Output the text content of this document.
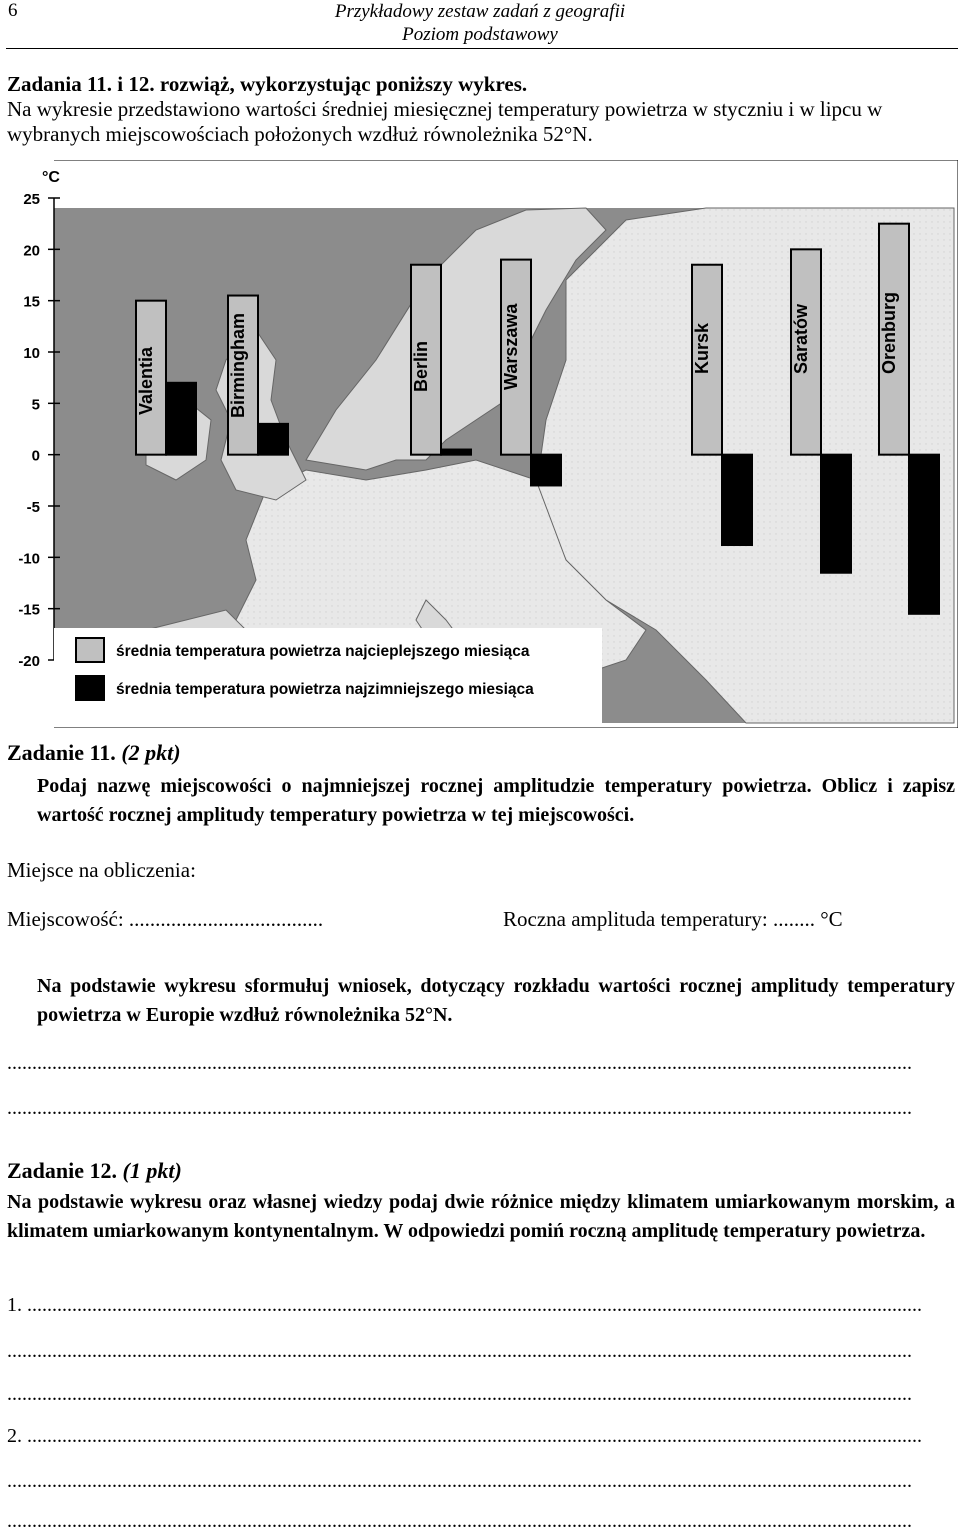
6	Przykładowy zestaw zadań z geografii
Poziom podstawowy
Zadania 11. i 12. rozwiąż, wykorzystując poniższy wykres.
Na wykresie przedstawiono wartości średniej miesięcznej temperatury powietrza w styczniu i w lipcu w wybranych miejscowościach położonych wzdłuż równoleżnika 52°N.
°C
25
20
15
10
5
0
-5
-10
-15
-20
Valentia	Birmingham	Berlin	Warszawa	Kursk	Saratów	Orenburg
średnia temperatura powietrza najcieplejszego miesiąca
średnia temperatura powietrza najzimniejszego miesiąca
Zadanie 11. (2 pkt)
Podaj nazwę miejscowości o najmniejszej rocznej amplitudzie temperatury powietrza. Oblicz i zapisz wartość rocznej amplitudy temperatury powietrza w tej miejscowości.
Miejsce na obliczenia:
Miejscowość: .....................................	Roczna amplituda temperatury: ........ °C
Na podstawie wykresu sformułuj wniosek, dotyczący rozkładu wartości rocznej amplitudy temperatury powietrza w Europie wzdłuż równoleżnika 52°N.
.....................................................................................................................................................................................
.....................................................................................................................................................................................
Zadanie 12. (1 pkt)
Na podstawie wykresu oraz własnej wiedzy podaj dwie różnice między klimatem umiarkowanym morskim, a klimatem umiarkowanym kontynentalnym. W odpowiedzi pomiń roczną amplitudę temperatury powietrza.
1. ...................................................................................................................................................................................
.....................................................................................................................................................................................
.....................................................................................................................................................................................
2. ...................................................................................................................................................................................
.....................................................................................................................................................................................
.....................................................................................................................................................................................
